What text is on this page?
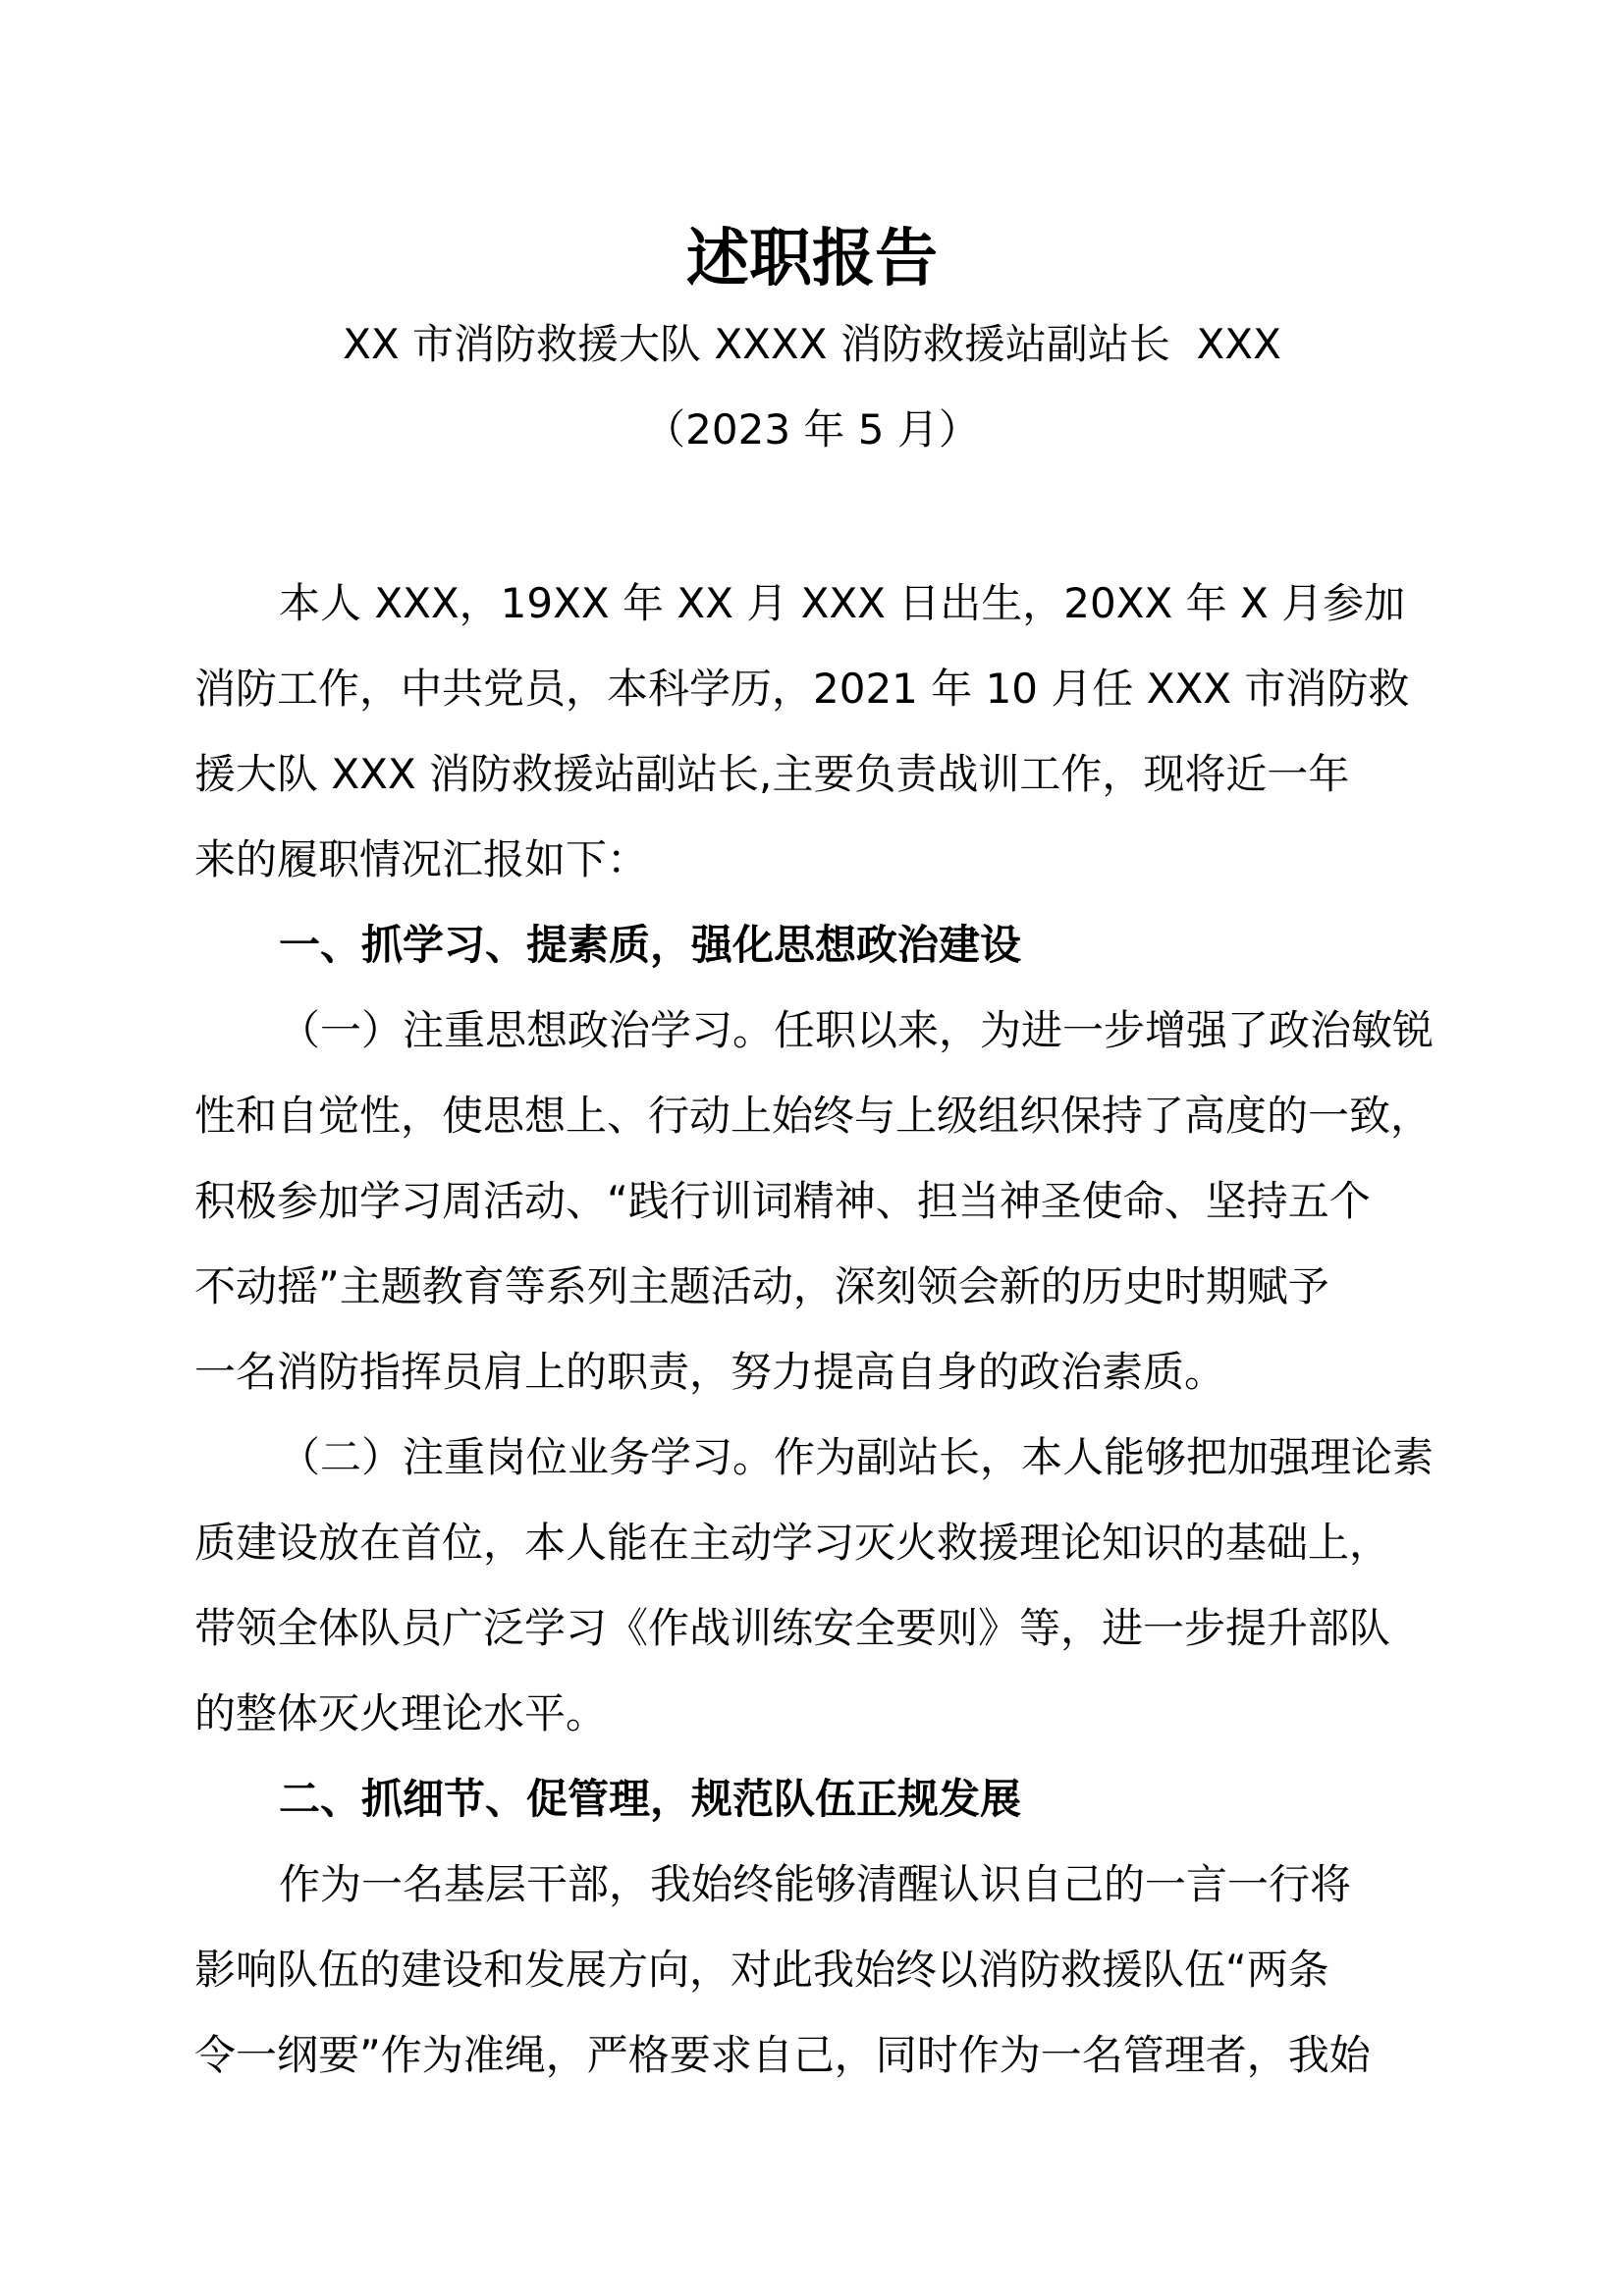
述职报告
XX 市消防救援大队 XXXX 消防救援站副站长  XXX
（2023 年 5 月）
本人 XXX，19XX 年 XX 月 XXX 日出生，20XX 年 X 月参加
消防工作，中共党员，本科学历，2021 年 10 月任 XXX 市消防救
援大队 XXX 消防救援站副站长,主要负责战训工作，现将近一年
来的履职情况汇报如下：
一、抓学习、提素质，强化思想政治建设
（一）注重思想政治学习。任职以来，为进一步增强了政治敏锐
性和自觉性，使思想上、行动上始终与上级组织保持了高度的一致，
积极参加学习周活动、“践行训词精神、担当神圣使命、坚持五个
不动摇”主题教育等系列主题活动，深刻领会新的历史时期赋予
一名消防指挥员肩上的职责，努力提高自身的政治素质。
（二）注重岗位业务学习。作为副站长，本人能够把加强理论素
质建设放在首位，本人能在主动学习灭火救援理论知识的基础上，
带领全体队员广泛学习《作战训练安全要则》等，进一步提升部队
的整体灭火理论水平。
二、抓细节、促管理，规范队伍正规发展
作为一名基层干部，我始终能够清醒认识自己的一言一行将
影响队伍的建设和发展方向，对此我始终以消防救援队伍“两条
令一纲要”作为准绳，严格要求自己，同时作为一名管理者，我始
